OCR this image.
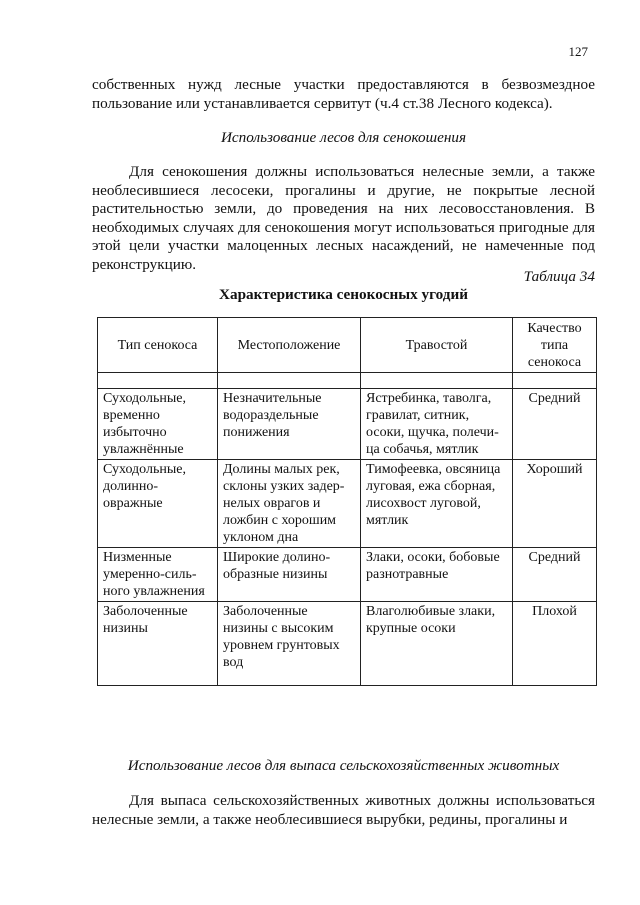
127

собственных нужд лесные участки предоставляются в безвозмездное пользование или устанавливается сервитут (ч.4 ст.38 Лесного кодекса).

Использование лесов для сенокошения

Для сенокошения должны использоваться нелесные земли, а также необлесившиеся лесосеки, прогалины и другие, не покрытые лесной растительностью земли, до проведения на них лесовосстановления. В необходимых случаях для сенокошения могут использоваться пригодные для этой цели участки малоценных лесных насаждений, не намеченные под реконструкцию.

Таблица 34
Характеристика сенокосных угодий
Тип сенокоса	Местоположение	Травостой	Качество типа сенокоса

Суходольные, временно избыточно увлажнённые	Незначительные водораздельные понижения	Ястребинка, таволга, гравилат, ситник, осоки, щучка, полечи-ца собачья, мятлик	Средний
Суходольные, долинно-овражные	Долины малых рек, склоны узких задер-нелых оврагов и ложбин с хорошим уклоном дна	Тимофеевка, овсяница луговая, ежа сборная, лисохвост луговой, мятлик	Хороший
Низменные умеренно-силь-ного увлажнения	Широкие долино-образные низины	Злаки, осоки, бобовые разнотравные	Средний
Заболоченные низины	Заболоченные низины с высоким уровнем грунтовых вод	Влаголюбивые злаки, крупные осоки	Плохой

Использование лесов для выпаса сельскохозяйственных животных

Для выпаса сельскохозяйственных животных должны использоваться нелесные земли, а также необлесившиеся вырубки, редины, прогалины и
